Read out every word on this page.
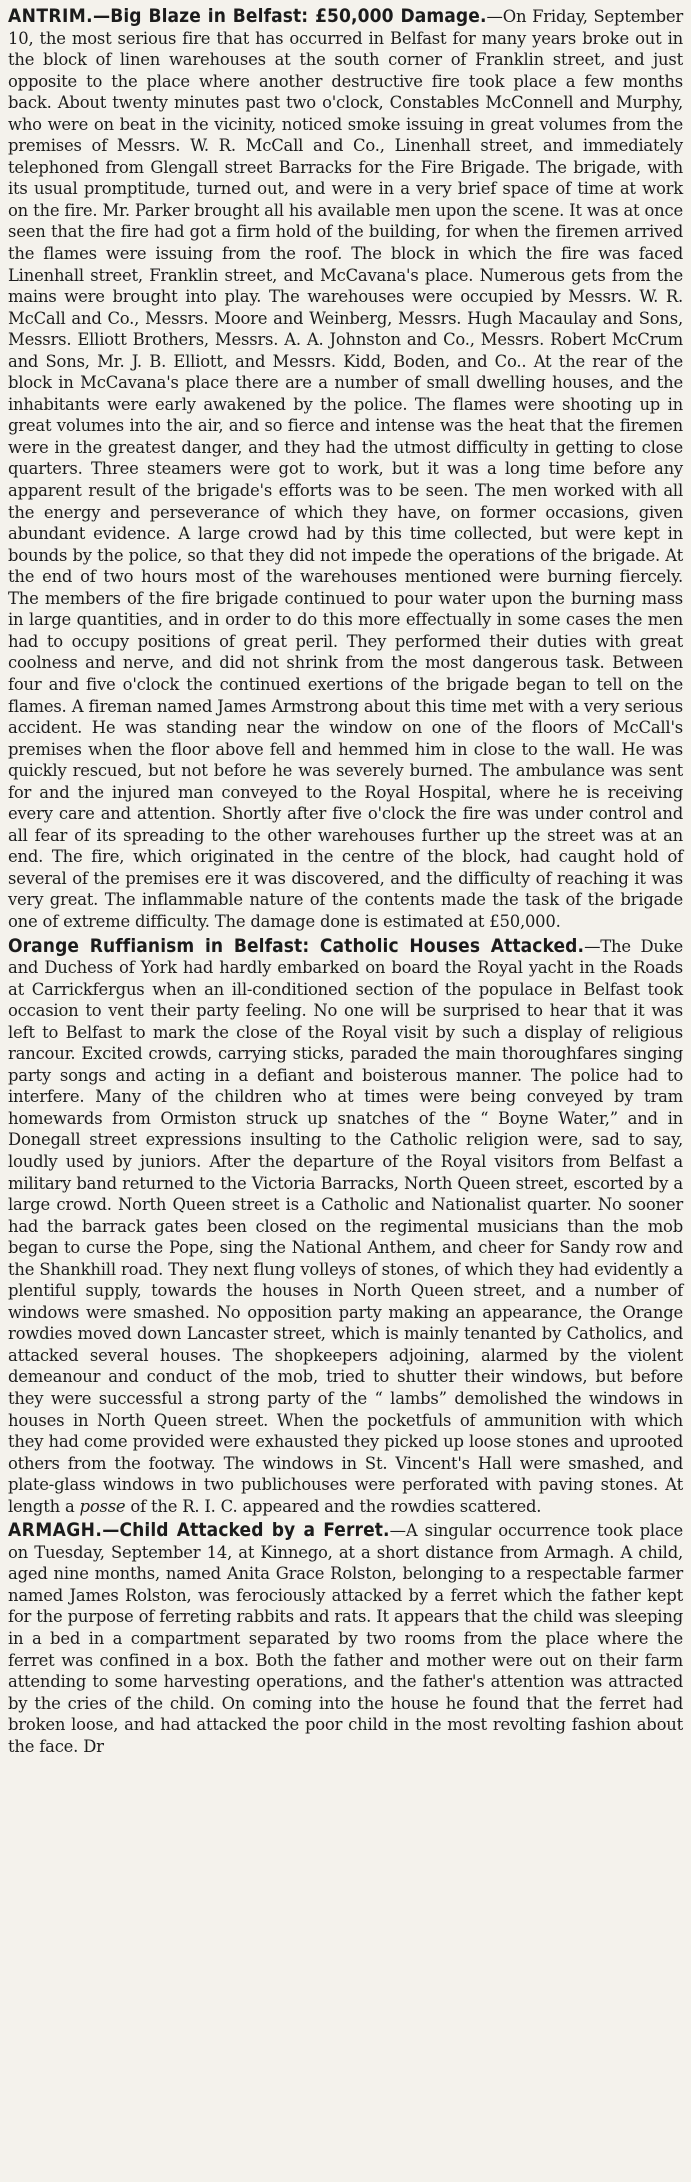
ANTRIM.—Big Blaze in Belfast: £50,000 Damage.—On Friday, September 10, the most serious fire that has occurred in Belfast for many years broke out in the block of linen warehouses at the south corner of Franklin street, and just opposite to the place where another destructive fire took place a few months back. About twenty minutes past two o'clock, Constables McConnell and Murphy, who were on beat in the vicinity, noticed smoke issuing in great volumes from the premises of Messrs. W. R. McCall and Co., Linenhall street, and immediately telephoned from Glengall street Barracks for the Fire Brigade. The brigade, with its usual promptitude, turned out, and were in a very brief space of time at work on the fire. Mr. Parker brought all his available men upon the scene. It was at once seen that the fire had got a firm hold of the building, for when the firemen arrived the flames were issuing from the roof. The block in which the fire was faced Linenhall street, Franklin street, and McCavana's place. Numerous gets from the mains were brought into play. The warehouses were occupied by Messrs. W. R. McCall and Co., Messrs. Moore and Weinberg, Messrs. Hugh Macaulay and Sons, Messrs. Elliott Brothers, Messrs. A. A. Johnston and Co., Messrs. Robert McCrum and Sons, Mr. J. B. Elliott, and Messrs. Kidd, Boden, and Co.. At the rear of the block in McCavana's place there are a number of small dwelling houses, and the inhabitants were early awakened by the police. The flames were shooting up in great volumes into the air, and so fierce and intense was the heat that the firemen were in the greatest danger, and they had the utmost difficulty in getting to close quarters. Three steamers were got to work, but it was a long time before any apparent result of the brigade's efforts was to be seen. The men worked with all the energy and perseverance of which they have, on former occasions, given abundant evidence. A large crowd had by this time collected, but were kept in bounds by the police, so that they did not impede the operations of the brigade. At the end of two hours most of the warehouses mentioned were burning fiercely. The members of the fire brigade continued to pour water upon the burning mass in large quantities, and in order to do this more effectually in some cases the men had to occupy positions of great peril. They performed their duties with great coolness and nerve, and did not shrink from the most dangerous task. Between four and five o'clock the continued exertions of the brigade began to tell on the flames. A fireman named James Armstrong about this time met with a very serious accident. He was standing near the window on one of the floors of McCall's premises when the floor above fell and hemmed him in close to the wall. He was quickly rescued, but not before he was severely burned. The ambulance was sent for and the injured man conveyed to the Royal Hospital, where he is receiving every care and attention. Shortly after five o'clock the fire was under control and all fear of its spreading to the other warehouses further up the street was at an end. The fire, which originated in the centre of the block, had caught hold of several of the premises ere it was discovered, and the difficulty of reaching it was very great. The inflammable nature of the contents made the task of the brigade one of extreme difficulty. The damage done is estimated at £50,000.

Orange Ruffianism in Belfast: Catholic Houses Attacked.—The Duke and Duchess of York had hardly embarked on board the Royal yacht in the Roads at Carrickfergus when an ill-conditioned section of the populace in Belfast took occasion to vent their party feeling. No one will be surprised to hear that it was left to Belfast to mark the close of the Royal visit by such a display of religious rancour. Excited crowds, carrying sticks, paraded the main thoroughfares singing party songs and acting in a defiant and boisterous manner. The police had to interfere. Many of the children who at times were being conveyed by tram homewards from Ormiston struck up snatches of the “ Boyne Water,” and in Donegall street expressions insulting to the Catholic religion were, sad to say, loudly used by juniors. After the departure of the Royal visitors from Belfast a military band returned to the Victoria Barracks, North Queen street, escorted by a large crowd. North Queen street is a Catholic and Nationalist quarter. No sooner had the barrack gates been closed on the regimental musicians than the mob began to curse the Pope, sing the National Anthem, and cheer for Sandy row and the Shankhill road. They next flung volleys of stones, of which they had evidently a plentiful supply, towards the houses in North Queen street, and a number of windows were smashed. No opposition party making an appearance, the Orange rowdies moved down Lancaster street, which is mainly tenanted by Catholics, and attacked several houses. The shopkeepers adjoining, alarmed by the violent demeanour and conduct of the mob, tried to shutter their windows, but before they were successful a strong party of the “ lambs” demolished the windows in houses in North Queen street. When the pocketfuls of ammunition with which they had come provided were exhausted they picked up loose stones and uprooted others from the footway. The windows in St. Vincent's Hall were smashed, and plate-glass windows in two publichouses were perforated with paving stones. At length a posse of the R. I. C. appeared and the rowdies scattered.

ARMAGH.—Child Attacked by a Ferret.—A singular occurrence took place on Tuesday, September 14, at Kinnego, at a short distance from Armagh. A child, aged nine months, named Anita Grace Rolston, belonging to a respectable farmer named James Rolston, was ferociously attacked by a ferret which the father kept for the purpose of ferreting rabbits and rats. It appears that the child was sleeping in a bed in a compartment separated by two rooms from the place where the ferret was confined in a box. Both the father and mother were out on their farm attending to some harvesting operations, and the father's attention was attracted by the cries of the child. On coming into the house he found that the ferret had broken loose, and had attacked the poor child in the most revolting fashion about the face. Dr
